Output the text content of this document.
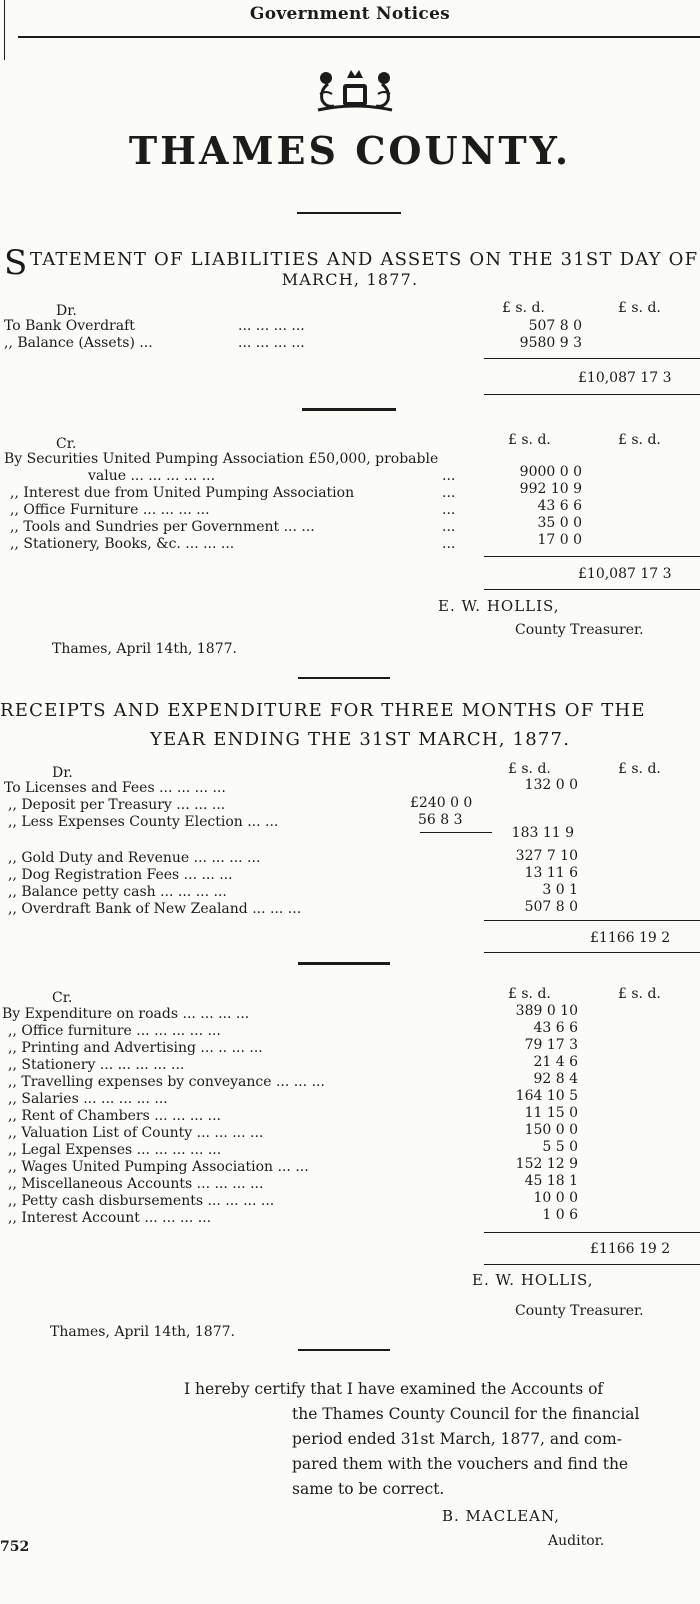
Government Notices
THAMES COUNTY.
S TATEMENT OF LIABILITIES AND ASSETS ON THE 31ST DAY OF
MARCH, 1877.
Dr.	£ s. d.	£ s. d.
To Bank Overdraft	... ... ... ...	507 8 0
,, Balance (Assets) ...	... ... ... ...	9580 9 3
£10,087 17 3
Cr.	£ s. d.	£ s. d.
By Securities United Pumping Association £50,000, probable
value ... ... ... ... ...	...	9000 0 0
,, Interest due from United Pumping Association	...	992 10 9
,, Office Furniture ... ... ... ...	...	43 6 6
,, Tools and Sundries per Government ... ...	...	35 0 0
,, Stationery, Books, &c. ... ... ...	...	17 0 0
£10,087 17 3
E. W. HOLLIS,
County Treasurer.
Thames, April 14th, 1877.
RECEIPTS AND EXPENDITURE FOR THREE MONTHS OF THE
YEAR ENDING THE 31ST MARCH, 1877.
Dr.	£ s. d.	£ s. d.
To Licenses and Fees ... ... ... ...	132 0 0
,, Deposit per Treasury ... ... ...	£240 0 0
,, Less Expenses County Election ... ...	56 8 3
183 11 9
,, Gold Duty and Revenue ... ... ... ...	327 7 10
,, Dog Registration Fees ... ... ...	13 11 6
,, Balance petty cash ... ... ... ...	3 0 1
,, Overdraft Bank of New Zealand ... ... ...	507 8 0
£1166 19 2
Cr.	£ s. d.	£ s. d.
By Expenditure on roads ... ... ... ...	389 0 10
,, Office furniture ... ... ... ... ...	43 6 6
,, Printing and Advertising ... .. ... ...	79 17 3
,, Stationery ... ... ... ... ...	21 4 6
,, Travelling expenses by conveyance ... ... ...	92 8 4
,, Salaries ... ... ... ... ...	164 10 5
,, Rent of Chambers ... ... ... ...	11 15 0
,, Valuation List of County ... ... ... ...	150 0 0
,, Legal Expenses ... ... ... ... ...	5 5 0
,, Wages United Pumping Association ... ...	152 12 9
,, Miscellaneous Accounts ... ... ... ...	45 18 1
,, Petty cash disbursements ... ... ... ...	10 0 0
,, Interest Account ... ... ... ...	1 0 6
£1166 19 2
E. W. HOLLIS,
County Treasurer.
Thames, April 14th, 1877.
I hereby certify that I have examined the Accounts of
the Thames County Council for the financial
period ended 31st March, 1877, and com-
pared them with the vouchers and find the
same to be correct.
B. MACLEAN,
Auditor.
752
